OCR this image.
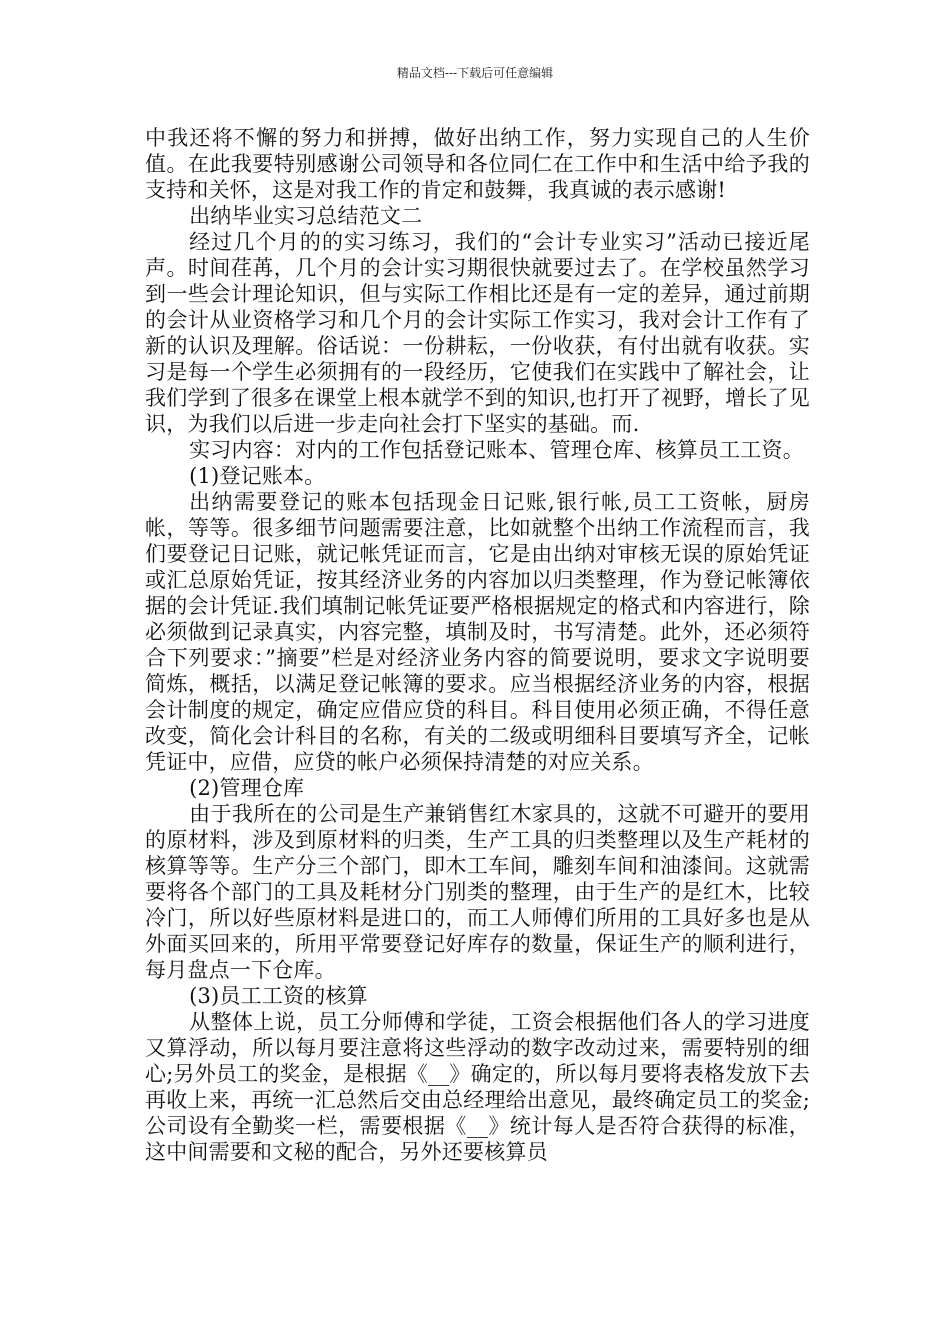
精品文档---下载后可任意编辑

中我还将不懈的努力和拼搏，做好出纳工作，努力实现自己的人生价值。在此我要特别感谢公司领导和各位同仁在工作中和生活中给予我的支持和关怀，这是对我工作的肯定和鼓舞，我真诚的表示感谢!

出纳毕业实习总结范文二

经过几个月的的实习练习，我们的“会计专业实习”活动已接近尾声。时间荏苒，几个月的会计实习期很快就要过去了。在学校虽然学习到一些会计理论知识，但与实际工作相比还是有一定的差异，通过前期的会计从业资格学习和几个月的会计实际工作实习，我对会计工作有了新的认识及理解。俗话说：一份耕耘，一份收获，有付出就有收获。实习是每一个学生必须拥有的一段经历，它使我们在实践中了解社会，让我们学到了很多在课堂上根本就学不到的知识,也打开了视野，增长了见识，为我们以后进一步走向社会打下坚实的基础。而.

实习内容：对内的工作包括登记账本、管理仓库、核算员工工资。

(1)登记账本。

出纳需要登记的账本包括现金日记账,银行帐,员工工资帐，厨房帐，等等。很多细节问题需要注意，比如就整个出纳工作流程而言，我们要登记日记账，就记帐凭证而言，它是由出纳对审核无误的原始凭证或汇总原始凭证，按其经济业务的内容加以归类整理，作为登记帐簿依据的会计凭证.我们填制记帐凭证要严格根据规定的格式和内容进行，除必须做到记录真实，内容完整，填制及时，书写清楚。此外，还必须符合下列要求：”摘要”栏是对经济业务内容的简要说明，要求文字说明要简炼，概括，以满足登记帐簿的要求。应当根据经济业务的内容，根据会计制度的规定，确定应借应贷的科目。科目使用必须正确，不得任意改变，简化会计科目的名称，有关的二级或明细科目要填写齐全，记帐凭证中，应借，应贷的帐户必须保持清楚的对应关系。

(2)管理仓库

由于我所在的公司是生产兼销售红木家具的，这就不可避开的要用的原材料，涉及到原材料的归类，生产工具的归类整理以及生产耗材的核算等等。生产分三个部门，即木工车间，雕刻车间和油漆间。这就需要将各个部门的工具及耗材分门别类的整理，由于生产的是红木，比较冷门，所以好些原材料是进口的，而工人师傅们所用的工具好多也是从外面买回来的，所用平常要登记好库存的数量，保证生产的顺利进行，每月盘点一下仓库。

(3)员工工资的核算

从整体上说，员工分师傅和学徒，工资会根据他们各人的学习进度又算浮动，所以每月要注意将这些浮动的数字改动过来，需要特别的细心;另外员工的奖金，是根据《__》确定的，所以每月要将表格发放下去再收上来，再统一汇总然后交由总经理给出意见，最终确定员工的奖金;公司设有全勤奖一栏，需要根据《__》统计每人是否符合获得的标准，这中间需要和文秘的配合，另外还要核算员
